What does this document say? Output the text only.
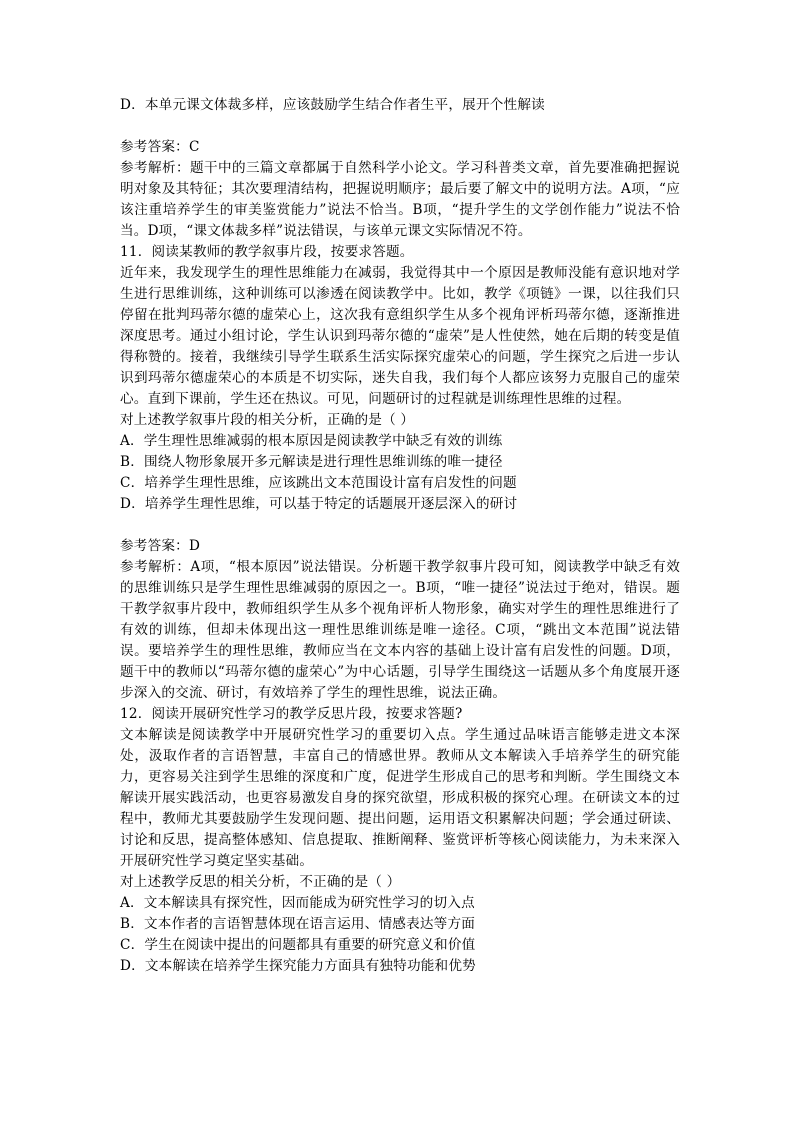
D．本单元课文体裁多样，应该鼓励学生结合作者生平，展开个性解读

参考答案：C

参考解析：题干中的三篇文章都属于自然科学小论文。学习科普类文章，首先要准确把握说明对象及其特征；其次要理清结构，把握说明顺序；最后要了解文中的说明方法。A项，“应该注重培养学生的审美鉴赏能力”说法不恰当。B项，“提升学生的文学创作能力”说法不恰当。D项，“课文体裁多样”说法错误，与该单元课文实际情况不符。

11．阅读某教师的教学叙事片段，按要求答题。

近年来，我发现学生的理性思维能力在减弱，我觉得其中一个原因是教师没能有意识地对学生进行思维训练，这种训练可以渗透在阅读教学中。比如，教学《项链》一课，以往我们只停留在批判玛蒂尔德的虚荣心上，这次我有意组织学生从多个视角评析玛蒂尔德，逐渐推进深度思考。通过小组讨论，学生认识到玛蒂尔德的“虚荣”是人性使然，她在后期的转变是值得称赞的。接着，我继续引导学生联系生活实际探究虚荣心的问题，学生探究之后进一步认识到玛蒂尔德虚荣心的本质是不切实际，迷失自我，我们每个人都应该努力克服自己的虚荣心。直到下课前，学生还在热议。可见，问题研讨的过程就是训练理性思维的过程。

对上述教学叙事片段的相关分析，正确的是（ ）

A．学生理性思维减弱的根本原因是阅读教学中缺乏有效的训练

B．围绕人物形象展开多元解读是进行理性思维训练的唯一捷径

C．培养学生理性思维，应该跳出文本范围设计富有启发性的问题

D．培养学生理性思维，可以基于特定的话题展开逐层深入的研讨

参考答案：D

参考解析：A项，“根本原因”说法错误。分析题干教学叙事片段可知，阅读教学中缺乏有效的思维训练只是学生理性思维减弱的原因之一。B项，“唯一捷径”说法过于绝对，错误。题干教学叙事片段中，教师组织学生从多个视角评析人物形象，确实对学生的理性思维进行了有效的训练，但却未体现出这一理性思维训练是唯一途径。C项，“跳出文本范围”说法错误。要培养学生的理性思维，教师应当在文本内容的基础上设计富有启发性的问题。D项，题干中的教师以“玛蒂尔德的虚荣心”为中心话题，引导学生围绕这一话题从多个角度展开逐步深入的交流、研讨，有效培养了学生的理性思维，说法正确。

12．阅读开展研究性学习的教学反思片段，按要求答题?

文本解读是阅读教学中开展研究性学习的重要切入点。学生通过品味语言能够走进文本深处，汲取作者的言语智慧，丰富自己的情感世界。教师从文本解读入手培养学生的研究能力，更容易关注到学生思维的深度和广度，促进学生形成自己的思考和判断。学生围绕文本解读开展实践活动，也更容易激发自身的探究欲望，形成积极的探究心理。在研读文本的过程中，教师尤其要鼓励学生发现问题、提出问题，运用语文积累解决问题；学会通过研读、讨论和反思，提高整体感知、信息提取、推断阐释、鉴赏评析等核心阅读能力，为未来深入开展研究性学习奠定坚实基础。

对上述教学反思的相关分析，不正确的是（ ）

A．文本解读具有探究性，因而能成为研究性学习的切入点

B．文本作者的言语智慧体现在语言运用、情感表达等方面

C．学生在阅读中提出的问题都具有重要的研究意义和价值

D．文本解读在培养学生探究能力方面具有独特功能和优势
